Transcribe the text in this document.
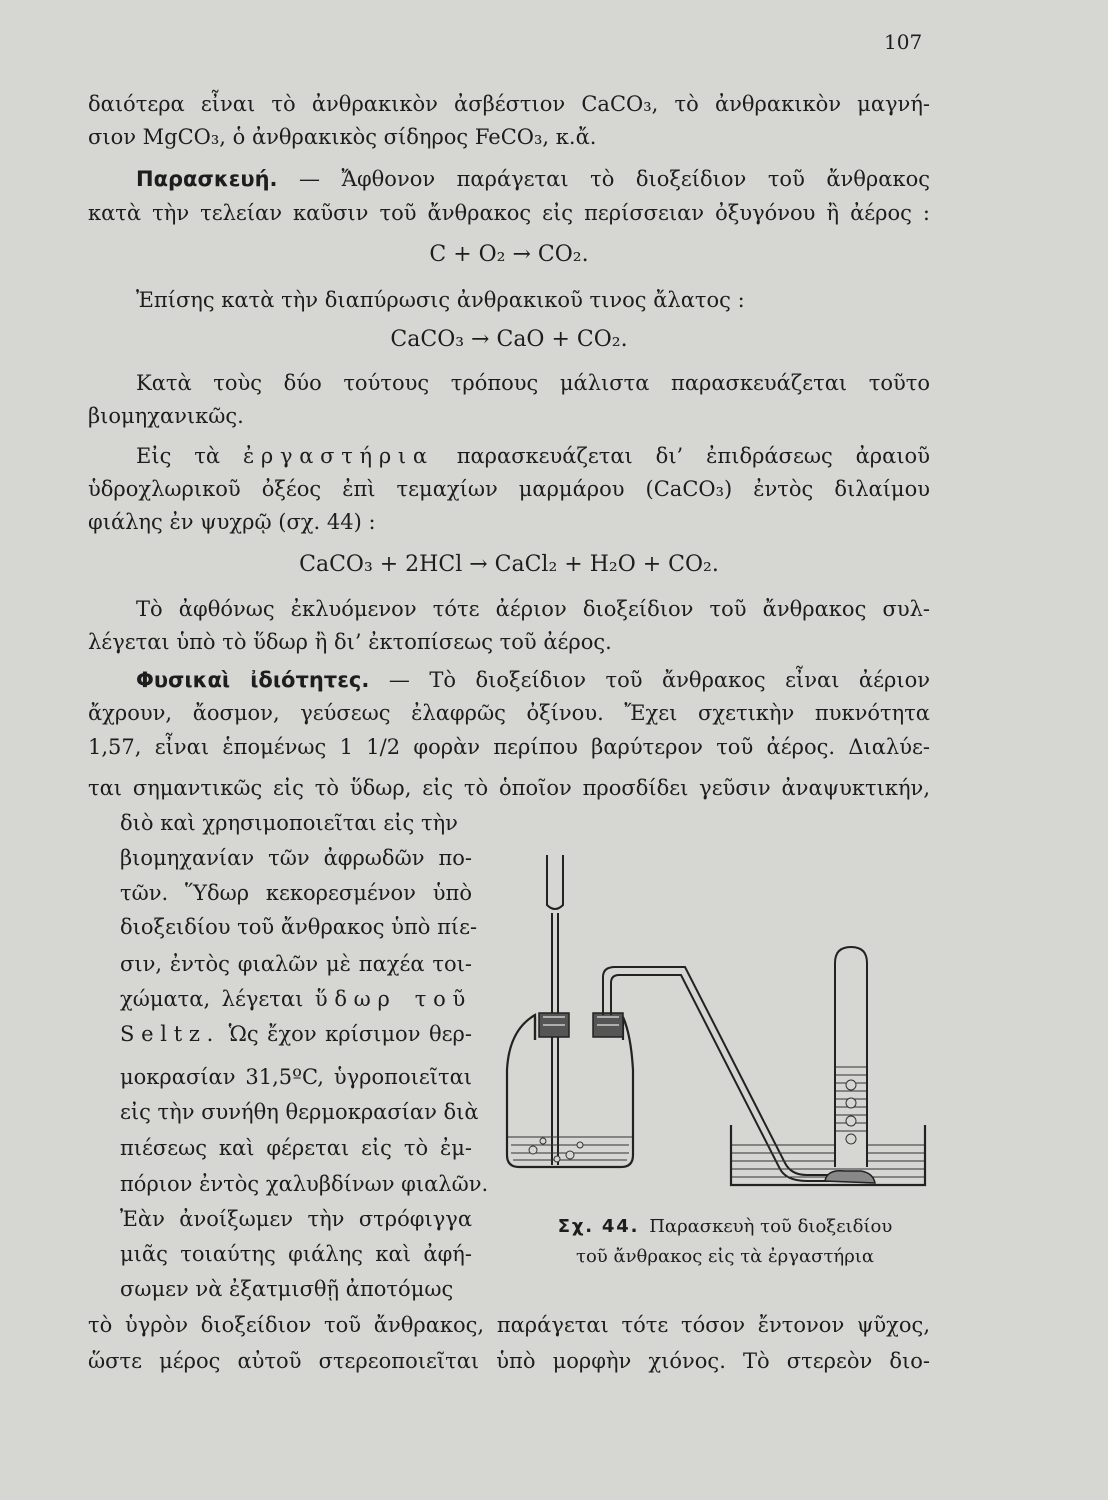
107
δαιότερα εἶναι τὸ ἀνθρακικὸν ἀσβέστιον CaCO₃, τὸ ἀνθρακικὸν μαγνή-
σιον MgCO₃, ὁ ἀνθρακικὸς σίδηρος FeCO₃, κ.ἄ.
Παρασκευή. — Ἄφθονον παράγεται τὸ διοξείδιον τοῦ ἄνθρακος
κατὰ τὴν τελείαν καῦσιν τοῦ ἄνθρακος εἰς περίσσειαν ὀξυγόνου ἢ ἀέρος :
C + O₂ → CO₂.
Ἐπίσης κατὰ τὴν διαπύρωσις ἀνθρακικοῦ τινος ἄλατος :
CaCO₃ → CaO + CO₂.
Κατὰ τοὺς δύο τούτους τρόπους μάλιστα παρασκευάζεται τοῦτο
βιομηχανικῶς.
Εἰς τὰ ἐργαστήρια παρασκευάζεται δι’ ἐπιδράσεως ἀραιοῦ
ὑδροχλωρικοῦ ὀξέος ἐπὶ τεμαχίων μαρμάρου (CaCO₃) ἐντὸς διλαίμου
φιάλης ἐν ψυχρῷ (σχ. 44) :
CaCO₃ + 2HCl → CaCl₂ + H₂O + CO₂.
Τὸ ἀφθόνως ἐκλυόμενον τότε ἀέριον διοξείδιον τοῦ ἄνθρακος συλ-
λέγεται ὑπὸ τὸ ὕδωρ ἢ δι’ ἐκτοπίσεως τοῦ ἀέρος.
Φυσικαὶ ἰδιότητες. — Τὸ διοξείδιον τοῦ ἄνθρακος εἶναι ἀέριον
ἄχρουν, ἄοσμον, γεύσεως ἐλαφρῶς ὀξίνου. Ἔχει σχετικὴν πυκνότητα
1,57, εἶναι ἑπομένως 1 1/2 φορὰν περίπου βαρύτερον τοῦ ἀέρος. Διαλύε-
ται σημαντικῶς εἰς τὸ ὕδωρ, εἰς τὸ ὁποῖον προσδίδει γεῦσιν ἀναψυκτικήν,
διὸ καὶ χρησιμοποιεῖται εἰς τὴν
βιομηχανίαν τῶν ἀφρωδῶν πο-
τῶν. Ὕδωρ κεκορεσμένον ὑπὸ
διοξειδίου τοῦ ἄνθρακος ὑπὸ πίε-
σιν, ἐντὸς φιαλῶν μὲ παχέα τοι-
χώματα, λέγεται ὕδωρ τοῦ
Seltz. Ὡς ἔχον κρίσιμον θερ-
μοκρασίαν 31,5ºC, ὑγροποιεῖται
εἰς τὴν συνήθη θερμοκρασίαν διὰ
πιέσεως καὶ φέρεται εἰς τὸ ἐμ-
πόριον ἐντὸς χαλυβδίνων φιαλῶν.
Ἐὰν ἀνοίξωμεν τὴν στρόφιγγα
μιᾶς τοιαύτης φιάλης καὶ ἀφή-
σωμεν νὰ ἐξατμισθῇ ἀποτόμως
Σχ. 44. Παρασκευὴ τοῦ διοξειδίου
τοῦ ἄνθρακος εἰς τὰ ἐργαστήρια
τὸ ὑγρὸν διοξείδιον τοῦ ἄνθρακος, παράγεται τότε τόσον ἔντονον ψῦχος,
ὥστε μέρος αὐτοῦ στερεοποιεῖται ὑπὸ μορφὴν χιόνος. Τὸ στερεὸν διο-
